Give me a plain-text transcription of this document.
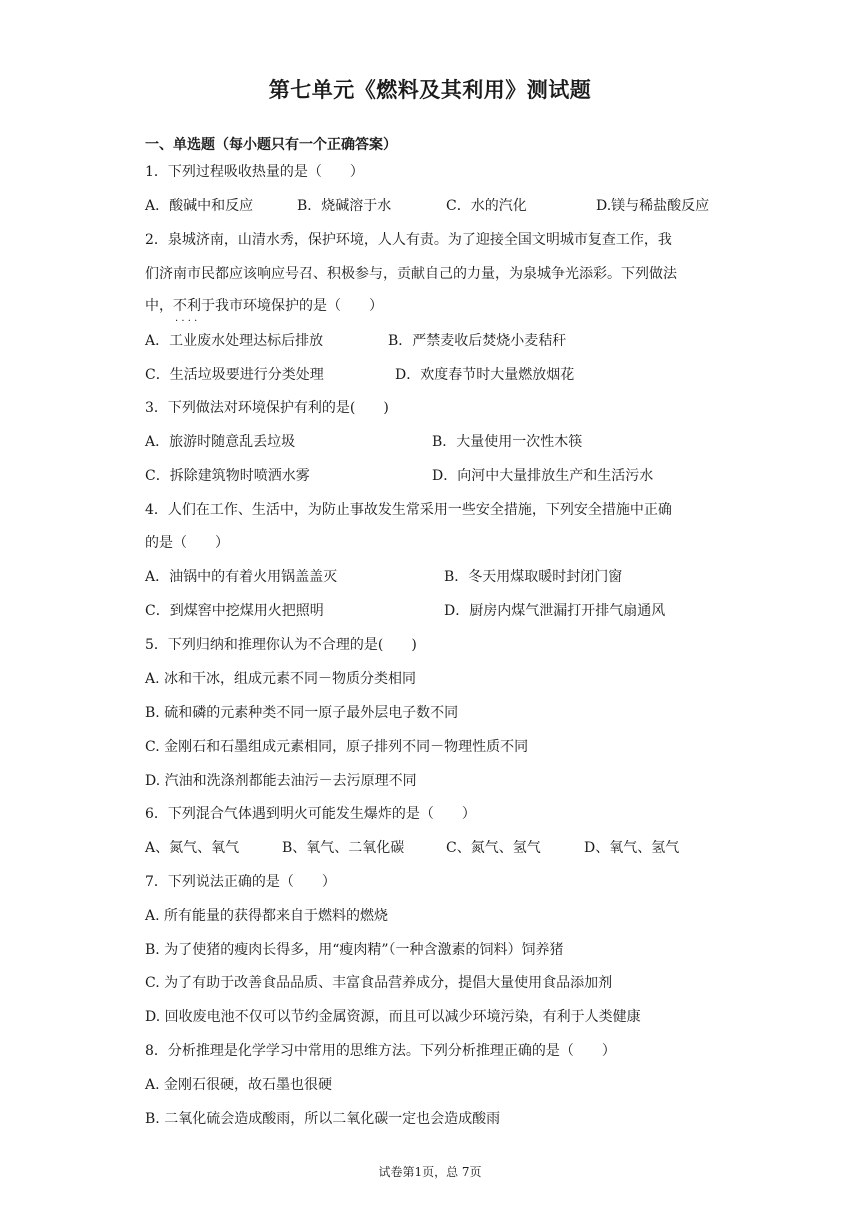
第七单元《燃料及其利用》测试题
一、单选题（每小题只有一个正确答案）
1．下列过程吸收热量的是（　　）
A．酸碱中和反应	B．烧碱溶于水	C．水的汽化	D.镁与稀盐酸反应
2．泉城济南，山清水秀，保护环境，人人有责。为了迎接全国文明城市复查工作，我
们济南市民都应该响应号召、积极参与，贡献自己的力量，为泉城争光添彩。下列做法
中，不利于 · · · ·我市环境保护的是（　　）
A．工业废水处理达标后排放	B．严禁麦收后焚烧小麦秸秆
C．生活垃圾要进行分类处理	D．欢度春节时大量燃放烟花
3．下列做法对环境保护有利的是(　　)
A．旅游时随意乱丢垃圾	B．大量使用一次性木筷
C．拆除建筑物时喷洒水雾	D．向河中大量排放生产和生活污水
4．人们在工作、生活中，为防止事故发生常采用一些安全措施，下列安全措施中正确
的是（　　）
A．油锅中的有着火用锅盖盖灭	B．冬天用煤取暖时封闭门窗
C．到煤窖中挖煤用火把照明	D．厨房内煤气泄漏打开排气扇通风
5．下列归纳和推理你认为不合理的是(　　)
A. 冰和干冰，组成元素不同－物质分类相同
B. 硫和磷的元素种类不同一原子最外层电子数不同
C. 金刚石和石墨组成元素相同，原子排列不同－物理性质不同
D. 汽油和洗涤剂都能去油污－去污原理不同
6．下列混合气体遇到明火可能发生爆炸的是（　　）
A、氮气、氧气	B、氧气、二氧化碳	C、氮气、氢气	D、氧气、氢气
7．下列说法正确的是（　　）
A. 所有能量的获得都来自于燃料的燃烧
B. 为了使猪的瘦肉长得多，用“瘦肉精”（一种含激素的饲料）饲养猪
C. 为了有助于改善食品品质、丰富食品营养成分，提倡大量使用食品添加剂
D. 回收废电池不仅可以节约金属资源，而且可以减少环境污染，有利于人类健康
8．分析推理是化学学习中常用的思维方法。下列分析推理正确的是（　　）
A. 金刚石很硬，故石墨也很硬
B. 二氧化硫会造成酸雨，所以二氧化碳一定也会造成酸雨
试卷第1页，总 7页
